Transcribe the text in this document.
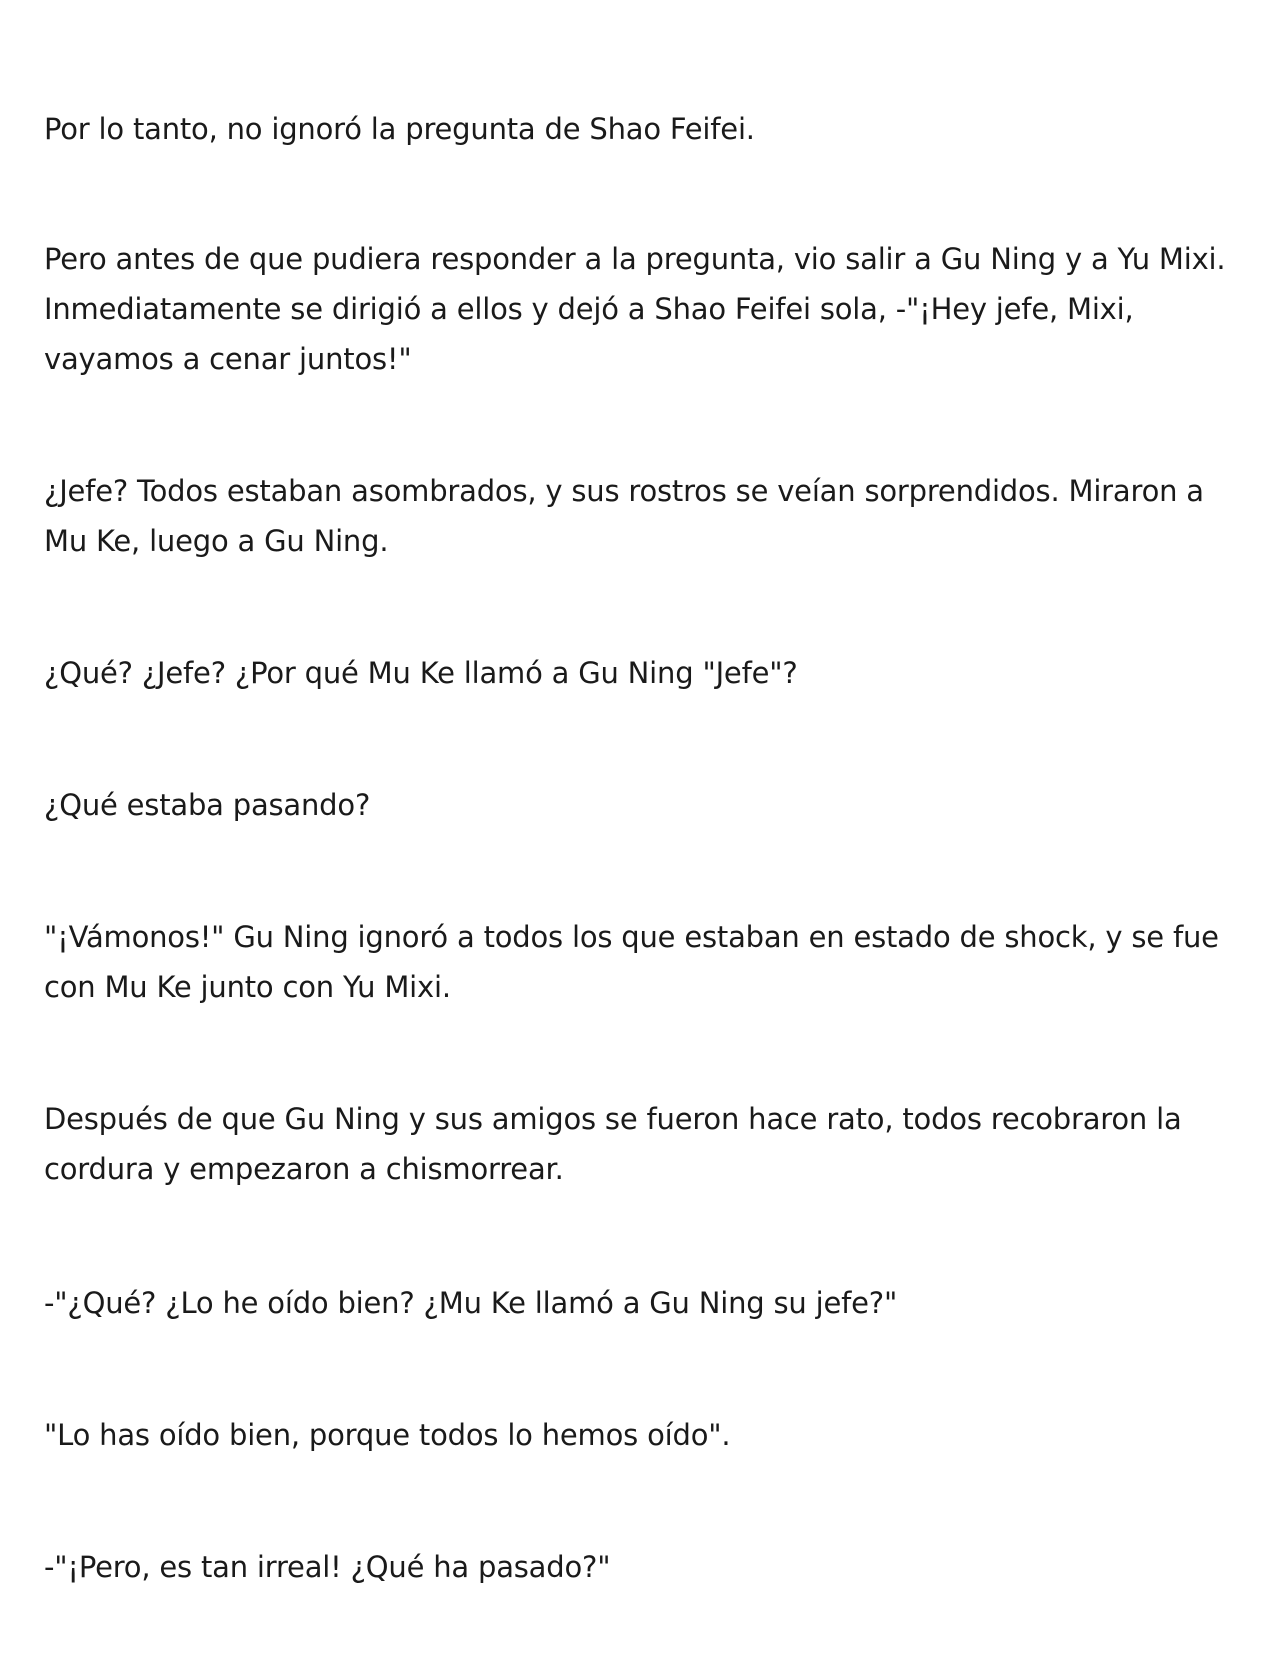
Por lo tanto, no ignoró la pregunta de Shao Feifei.

Pero antes de que pudiera responder a la pregunta, vio salir a Gu Ning y a Yu Mixi. Inmediatamente se dirigió a ellos y dejó a Shao Feifei sola, -"¡Hey jefe, Mixi, vayamos a cenar juntos!"

¿Jefe? Todos estaban asombrados, y sus rostros se veían sorprendidos. Miraron a Mu Ke, luego a Gu Ning.

¿Qué? ¿Jefe? ¿Por qué Mu Ke llamó a Gu Ning "Jefe"?

¿Qué estaba pasando?

"¡Vámonos!" Gu Ning ignoró a todos los que estaban en estado de shock, y se fue con Mu Ke junto con Yu Mixi.

Después de que Gu Ning y sus amigos se fueron hace rato, todos recobraron la cordura y empezaron a chismorrear.

-"¿Qué? ¿Lo he oído bien? ¿Mu Ke llamó a Gu Ning su jefe?"

"Lo has oído bien, porque todos lo hemos oído".

-"¡Pero, es tan irreal! ¿Qué ha pasado?"
